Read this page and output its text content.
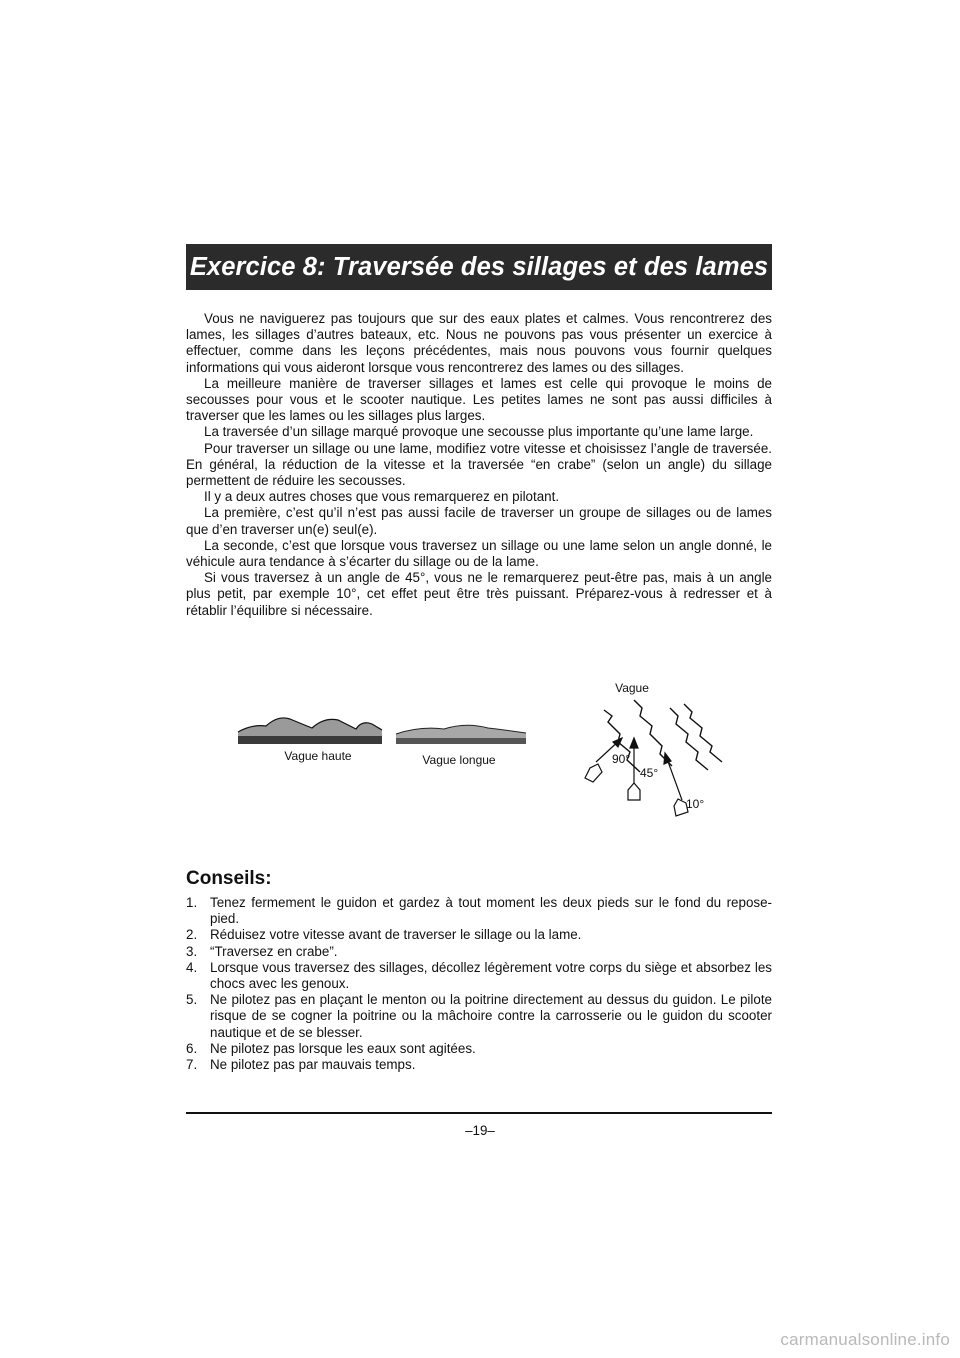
Exercice 8: Traversée des sillages et des lames

Vous ne naviguerez pas toujours que sur des eaux plates et calmes. Vous rencontrerez des lames, les sillages d’autres bateaux, etc. Nous ne pouvons pas vous présenter un exercice à effectuer, comme dans les leçons précédentes, mais nous pouvons vous fournir quelques informations qui vous aideront lorsque vous rencontrerez des lames ou des sillages.

La meilleure manière de traverser sillages et lames est celle qui provoque le moins de secousses pour vous et le scooter nautique. Les petites lames ne sont pas aussi difficiles à traverser que les lames ou les sillages plus larges.

La traversée d’un sillage marqué provoque une secousse plus importante qu’une lame large.

Pour traverser un sillage ou une lame, modifiez votre vitesse et choisissez l’angle de traversée. En général, la réduction de la vitesse et la traversée “en crabe” (selon un angle) du sillage permettent de réduire les secousses.

Il y a deux autres choses que vous remarquerez en pilotant.

La première, c’est qu’il n’est pas aussi facile de traverser un groupe de sillages ou de lames que d’en traverser un(e) seul(e).

La seconde, c’est que lorsque vous traversez un sillage ou une lame selon un angle donné, le véhicule aura tendance à s’écarter du sillage ou de la lame.

Si vous traversez à un angle de 45°, vous ne le remarquerez peut-être pas, mais à un angle plus petit, par exemple 10°, cet effet peut être très puissant. Préparez-vous à redresser et à rétablir l’équilibre si nécessaire.

Vague haute	Vague longue
Vague
90°
45°
10°
Conseils:
1. Tenez fermement le guidon et gardez à tout moment les deux pieds sur le fond du repose-pied.
2. Réduisez votre vitesse avant de traverser le sillage ou la lame.
3. “Traversez en crabe”.
4. Lorsque vous traversez des sillages, décollez légèrement votre corps du siège et absorbez les chocs avec les genoux.
5. Ne pilotez pas en plaçant le menton ou la poitrine directement au dessus du guidon. Le pilote risque de se cogner la poitrine ou la mâchoire contre la carrosserie ou le guidon du scooter nautique et de se blesser.
6. Ne pilotez pas lorsque les eaux sont agitées.
7. Ne pilotez pas par mauvais temps.
–19–
carmanualsonline.info
